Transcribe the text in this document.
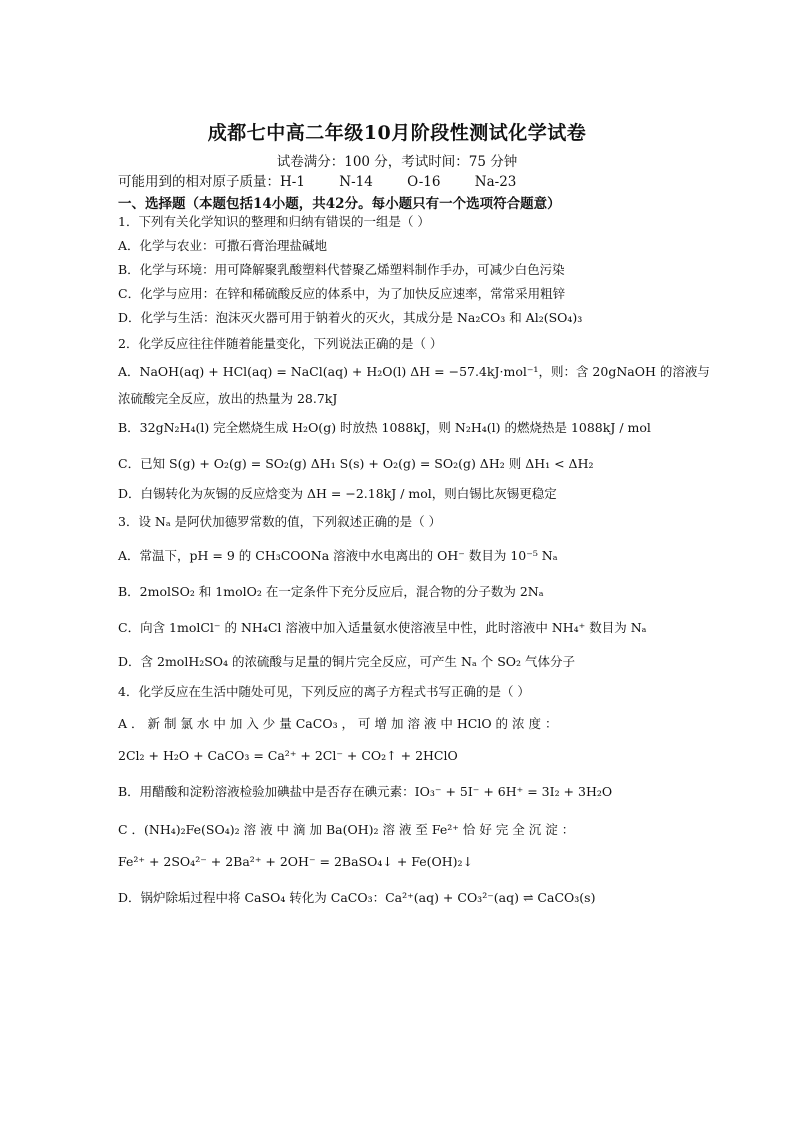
成都七中高二年级10月阶段性测试化学试卷
试卷满分：100 分，考试时间：75 分钟
可能用到的相对原子质量：H-1        N-14        O-16        Na-23
一、选择题（本题包括14小题，共42分。每小题只有一个选项符合题意）
1．下列有关化学知识的整理和归纳有错误的一组是（ ）
A．化学与农业：可撒石膏治理盐碱地
B．化学与环境：用可降解聚乳酸塑料代替聚乙烯塑料制作手办，可减少白色污染
C．化学与应用：在锌和稀硫酸反应的体系中，为了加快反应速率，常常采用粗锌
D．化学与生活：泡沫灭火器可用于钠着火的灭火，其成分是 Na₂CO₃ 和 Al₂(SO₄)₃
2．化学反应往往伴随着能量变化，下列说法正确的是（ ）
A．NaOH(aq) + HCl(aq) = NaCl(aq) + H₂O(l) ΔH = −57.4kJ·mol⁻¹，则：含 20gNaOH 的溶液与
浓硫酸完全反应，放出的热量为 28.7kJ
B．32gN₂H₄(l) 完全燃烧生成 H₂O(g) 时放热 1088kJ，则 N₂H₄(l) 的燃烧热是 1088kJ / mol
C．已知 S(g) + O₂(g) = SO₂(g) ΔH₁ S(s) + O₂(g) = SO₂(g) ΔH₂ 则 ΔH₁ < ΔH₂
D．白锡转化为灰锡的反应焓变为 ΔH = −2.18kJ / mol，则白锡比灰锡更稳定
3．设 Nₐ 是阿伏加德罗常数的值，下列叙述正确的是（ ）
A．常温下，pH = 9 的 CH₃COONa 溶液中水电离出的 OH⁻ 数目为 10⁻⁵ Nₐ
B．2molSO₂ 和 1molO₂ 在一定条件下充分反应后，混合物的分子数为 2Nₐ
C．向含 1molCl⁻ 的 NH₄Cl 溶液中加入适量氨水使溶液呈中性，此时溶液中 NH₄⁺ 数目为 Nₐ
D．含 2molH₂SO₄ 的浓硫酸与足量的铜片完全反应，可产生 Nₐ 个 SO₂ 气体分子
4．化学反应在生活中随处可见，下列反应的离子方程式书写正确的是（ ）
A ． 新 制 氯 水 中 加 入 少 量 CaCO₃ ， 可 增 加 溶 液 中 HClO 的 浓 度 ：
2Cl₂ + H₂O + CaCO₃ = Ca²⁺ + 2Cl⁻ + CO₂↑ + 2HClO
B．用醋酸和淀粉溶液检验加碘盐中是否存在碘元素：IO₃⁻ + 5I⁻ + 6H⁺ = 3I₂ + 3H₂O
C ．(NH₄)₂Fe(SO₄)₂ 溶 液 中 滴 加 Ba(OH)₂ 溶 液 至 Fe²⁺ 恰 好 完 全 沉 淀 ：
Fe²⁺ + 2SO₄²⁻ + 2Ba²⁺ + 2OH⁻ = 2BaSO₄↓ + Fe(OH)₂↓
D．锅炉除垢过程中将 CaSO₄ 转化为 CaCO₃：Ca²⁺(aq) + CO₃²⁻(aq) ⇌ CaCO₃(s)
